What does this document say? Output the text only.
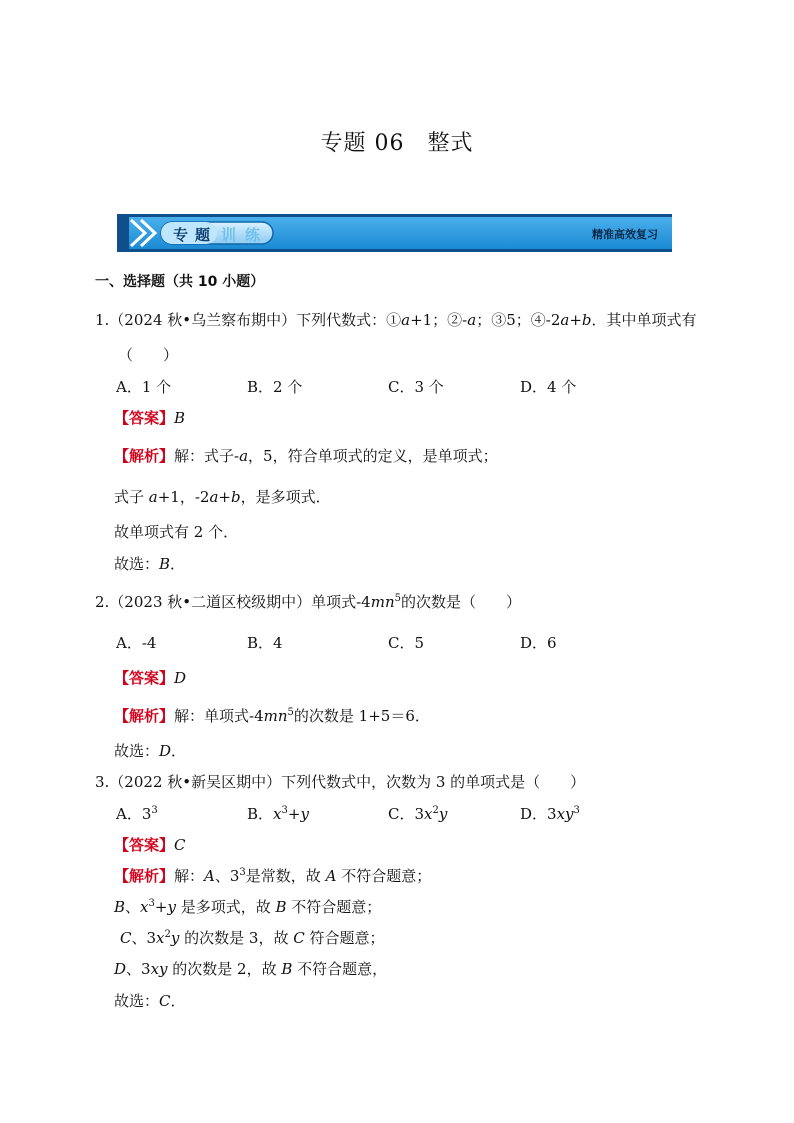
专题 06　整式
专 题 训 练	精准高效复习
一、选择题（共 10 小题）
1.（2024 秋•乌兰察布期中）下列代数式：①a+1；②-a；③5；④-2a+b．其中单项式有
（　　）
A．1 个	B．2 个	C．3 个	D．4 个
【答案】B
【解析】解：式子-a，5，符合单项式的定义，是单项式；
式子 a+1，-2a+b，是多项式．
故单项式有 2 个．
故选：B．
2.（2023 秋•二道区校级期中）单项式$-4mn^5$的次数是（　　）
A．-4	B．4	C．5	D．6
【答案】D
【解析】解：单项式$-4mn^5$的次数是 1+5＝6．
故选：D．
3.（2022 秋•新吴区期中）下列代数式中，次数为 3 的单项式是（　　）
A．$3^3$	B．$x^3+y$	C．$3x^2y$	D．$3xy^3$
【答案】C
【解析】解：A、$3^3$是常数，故 A 不符合题意；
B、$x^3+y$ 是多项式，故 B 不符合题意；
C、$3x^2y$ 的次数是 3，故 C 符合题意；
D、3xy 的次数是 2，故 B 不符合题意，
故选：C．
